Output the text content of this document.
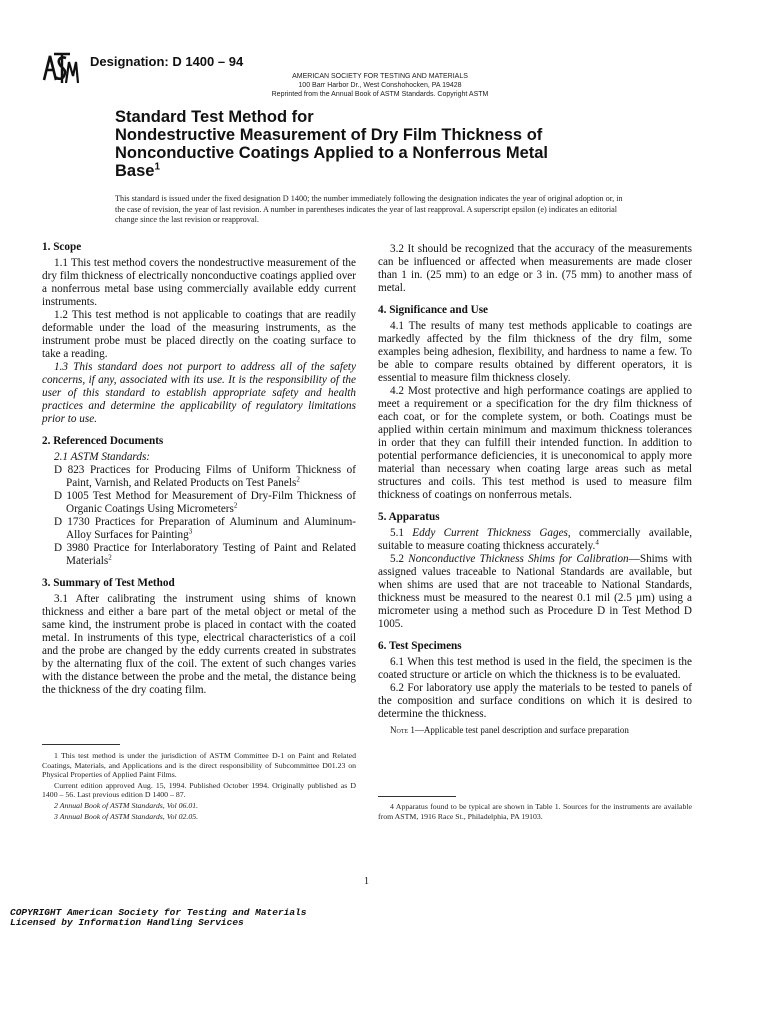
Designation: D 1400 – 94
AMERICAN SOCIETY FOR TESTING AND MATERIALS
100 Barr Harbor Dr., West Conshohocken, PA 19428
Reprinted from the Annual Book of ASTM Standards. Copyright ASTM
Standard Test Method for
Nondestructive Measurement of Dry Film Thickness of
Nonconductive Coatings Applied to a Nonferrous Metal
Base$^1$
This standard is issued under the fixed designation D 1400; the number immediately following the designation indicates the year of original adoption or, in the case of revision, the year of last revision. A number in parentheses indicates the year of last reapproval. A superscript epsilon (e) indicates an editorial change since the last revision or reapproval.
1. Scope

1.1 This test method covers the nondestructive measurement of the dry film thickness of electrically nonconductive coatings applied over a nonferrous metal base using commercially available eddy current instruments.

1.2 This test method is not applicable to coatings that are readily deformable under the load of the measuring instruments, as the instrument probe must be placed directly on the coating surface to take a reading.

1.3 This standard does not purport to address all of the safety concerns, if any, associated with its use. It is the responsibility of the user of this standard to establish appropriate safety and health practices and determine the applicability of regulatory limitations prior to use.

2. Referenced Documents

2.1 ASTM Standards:

D 823 Practices for Producing Films of Uniform Thickness of Paint, Varnish, and Related Products on Test Panels$^2$

D 1005 Test Method for Measurement of Dry-Film Thickness of Organic Coatings Using Micrometers$^2$

D 1730 Practices for Preparation of Aluminum and Aluminum-Alloy Surfaces for Painting$^3$

D 3980 Practice for Interlaboratory Testing of Paint and Related Materials$^2$

3. Summary of Test Method

3.1 After calibrating the instrument using shims of known thickness and either a bare part of the metal object or metal of the same kind, the instrument probe is placed in contact with the coated metal. In instruments of this type, electrical characteristics of a coil and the probe are changed by the eddy currents created in substrates by the alternating flux of the coil. The extent of such changes varies with the distance between the probe and the metal, the distance being the thickness of the dry coating film.

1 This test method is under the jurisdiction of ASTM Committee D-1 on Paint and Related Coatings, Materials, and Applications and is the direct responsibility of Subcommittee D01.23 on Physical Properties of Applied Paint Films.

Current edition approved Aug. 15, 1994. Published October 1994. Originally published as D 1400 – 56. Last previous edition D 1400 – 87.

2 Annual Book of ASTM Standards, Vol 06.01.

3 Annual Book of ASTM Standards, Vol 02.05.

3.2 It should be recognized that the accuracy of the measurements can be influenced or affected when measurements are made closer than 1 in. (25 mm) to an edge or 3 in. (75 mm) to another mass of metal.

4. Significance and Use

4.1 The results of many test methods applicable to coatings are markedly affected by the film thickness of the dry film, some examples being adhesion, flexibility, and hardness to name a few. To be able to compare results obtained by different operators, it is essential to measure film thickness closely.

4.2 Most protective and high performance coatings are applied to meet a requirement or a specification for the dry film thickness of each coat, or for the complete system, or both. Coatings must be applied within certain minimum and maximum thickness tolerances in order that they can fulfill their intended function. In addition to potential performance deficiencies, it is uneconomical to apply more material than necessary when coating large areas such as metal structures and coils. This test method is used to measure film thickness of coatings on nonferrous metals.

5. Apparatus

5.1 Eddy Current Thickness Gages, commercially available, suitable to measure coating thickness accurately.$^4$

5.2 Nonconductive Thickness Shims for Calibration—Shims with assigned values traceable to National Standards are available, but when shims are used that are not traceable to National Standards, thickness must be measured to the nearest 0.1 mil (2.5 µm) using a micrometer using a method such as Procedure D in Test Method D 1005.

6. Test Specimens

6.1 When this test method is used in the field, the specimen is the coated structure or article on which the thickness is to be evaluated.

6.2 For laboratory use apply the materials to be tested to panels of the composition and surface conditions on which it is desired to determine the thickness.

Note 1—Applicable test panel description and surface preparation

4 Apparatus found to be typical are shown in Table 1. Sources for the instruments are available from ASTM, 1916 Race St., Philadelphia, PA 19103.

1
COPYRIGHT American Society for Testing and Materials
Licensed by Information Handling Services
